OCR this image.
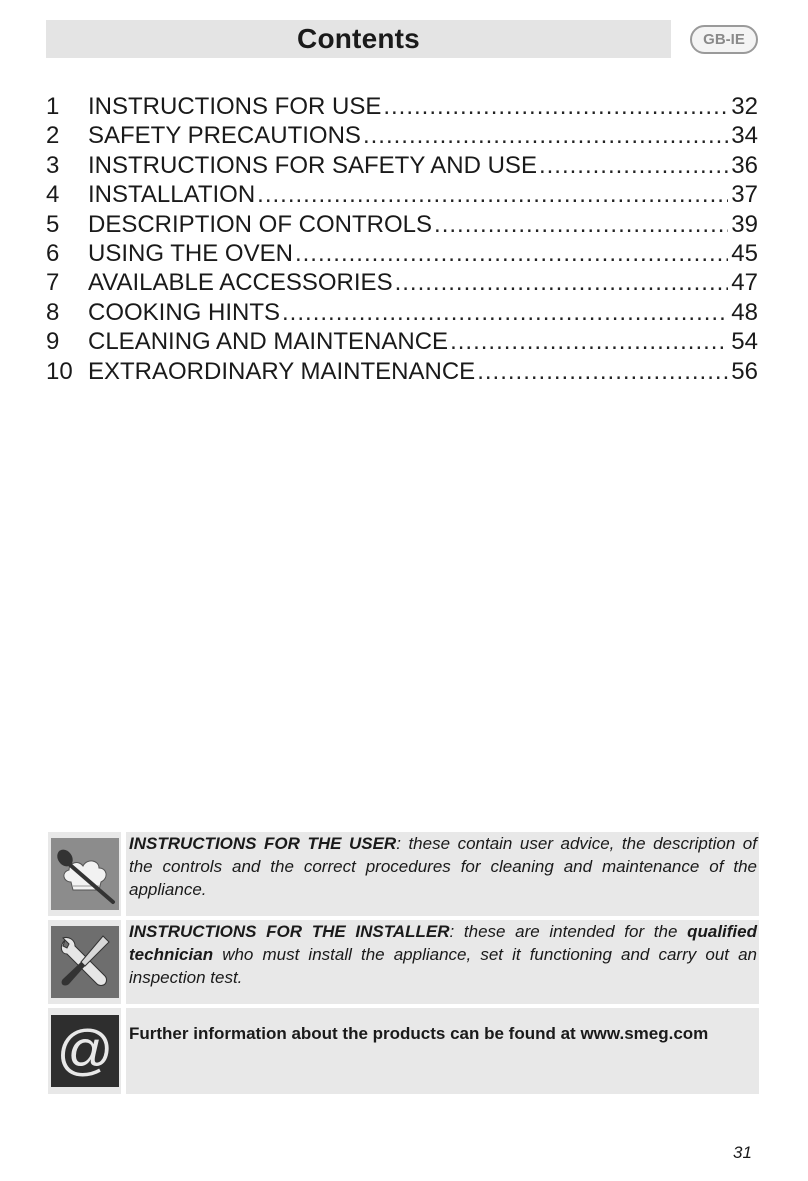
Contents	GB-IE
1	INSTRUCTIONS FOR USE .....	32
2	SAFETY PRECAUTIONS .....	34
3	INSTRUCTIONS FOR SAFETY AND USE .....	36
4	INSTALLATION .....	37
5	DESCRIPTION OF CONTROLS .....	39
6	USING THE OVEN .....	45
7	AVAILABLE ACCESSORIES .....	47
8	COOKING HINTS .....	48
9	CLEANING AND MAINTENANCE .....	54
10 EXTRAORDINARY MAINTENANCE .....	56
INSTRUCTIONS FOR THE USER: these contain user advice, the description of the controls and the correct procedures for cleaning and maintenance of the appliance.
INSTRUCTIONS FOR THE INSTALLER: these are intended for the qualified technician who must install the appliance, set it functioning and carry out an inspection test.
@ Further information about the products can be found at www.smeg.com
31
